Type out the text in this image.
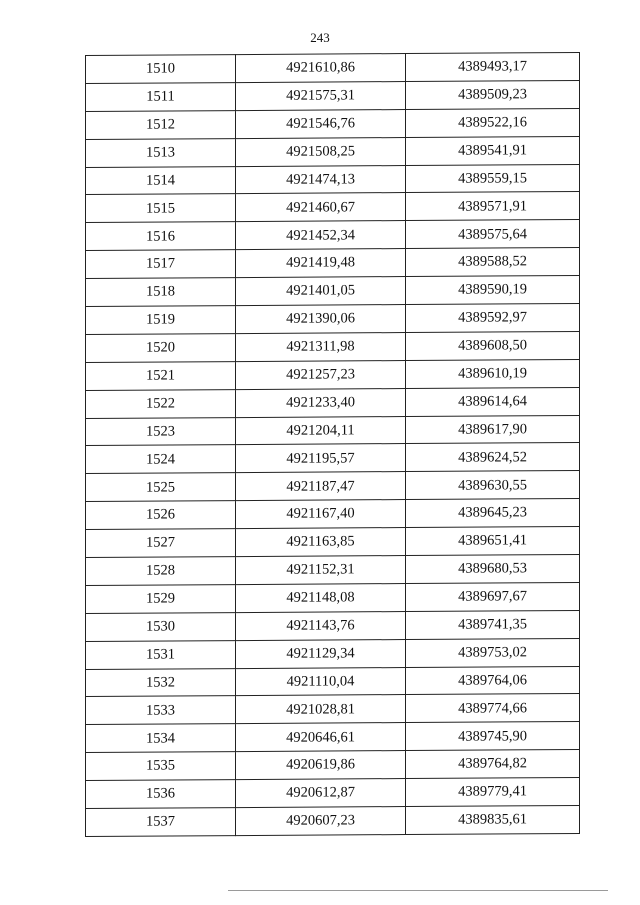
243
1510	4921610,86	4389493,17
1511	4921575,31	4389509,23
1512	4921546,76	4389522,16
1513	4921508,25	4389541,91
1514	4921474,13	4389559,15
1515	4921460,67	4389571,91
1516	4921452,34	4389575,64
1517	4921419,48	4389588,52
1518	4921401,05	4389590,19
1519	4921390,06	4389592,97
1520	4921311,98	4389608,50
1521	4921257,23	4389610,19
1522	4921233,40	4389614,64
1523	4921204,11	4389617,90
1524	4921195,57	4389624,52
1525	4921187,47	4389630,55
1526	4921167,40	4389645,23
1527	4921163,85	4389651,41
1528	4921152,31	4389680,53
1529	4921148,08	4389697,67
1530	4921143,76	4389741,35
1531	4921129,34	4389753,02
1532	4921110,04	4389764,06
1533	4921028,81	4389774,66
1534	4920646,61	4389745,90
1535	4920619,86	4389764,82
1536	4920612,87	4389779,41
1537	4920607,23	4389835,61
